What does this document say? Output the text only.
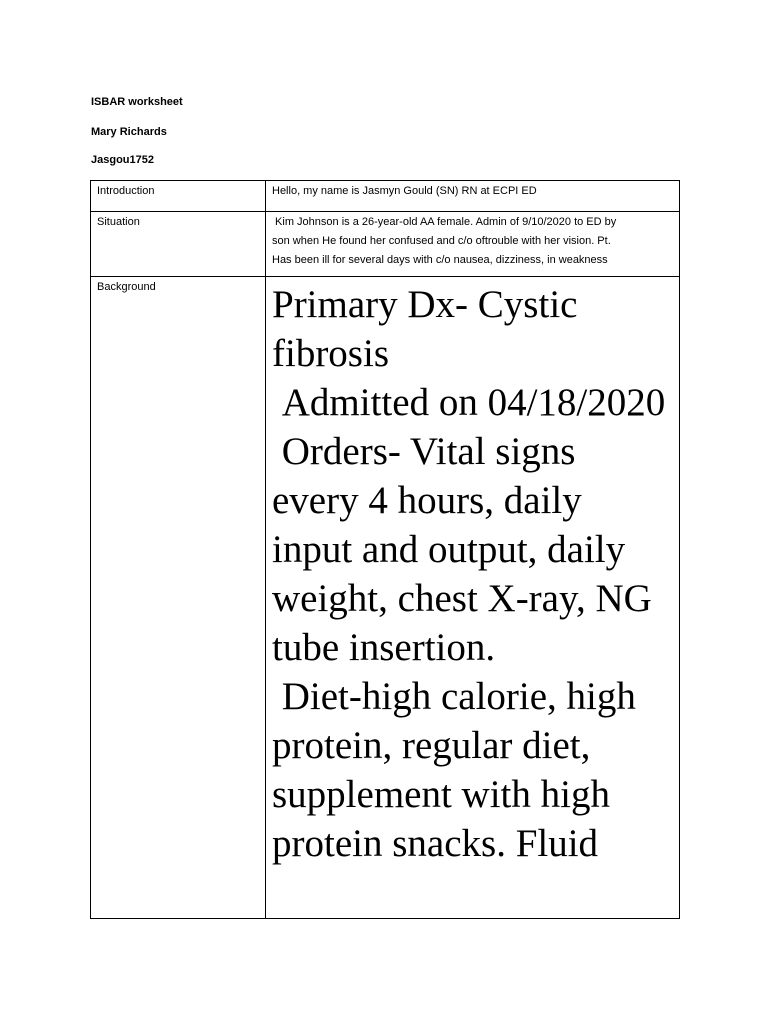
ISBAR worksheet
Mary Richards
Jasgou1752
Introduction	Hello, my name is Jasmyn Gould (SN) RN at ECPI ED
Situation	Kim Johnson is a 26-year-old AA female. Admin of 9/10/2020 to ED by
son when He found her confused and c/o oftrouble with her vision. Pt.
Has been ill for several days with c/o nausea, dizziness, in weakness

Background	Primary Dx- Cystic fibrosis
Admitted on 04/18/2020
Orders- Vital signs every 4 hours, daily input and output, daily weight, chest X-ray, NG tube insertion.
Diet-high calorie, high protein, regular diet, supplement with high protein snacks. Fluid
